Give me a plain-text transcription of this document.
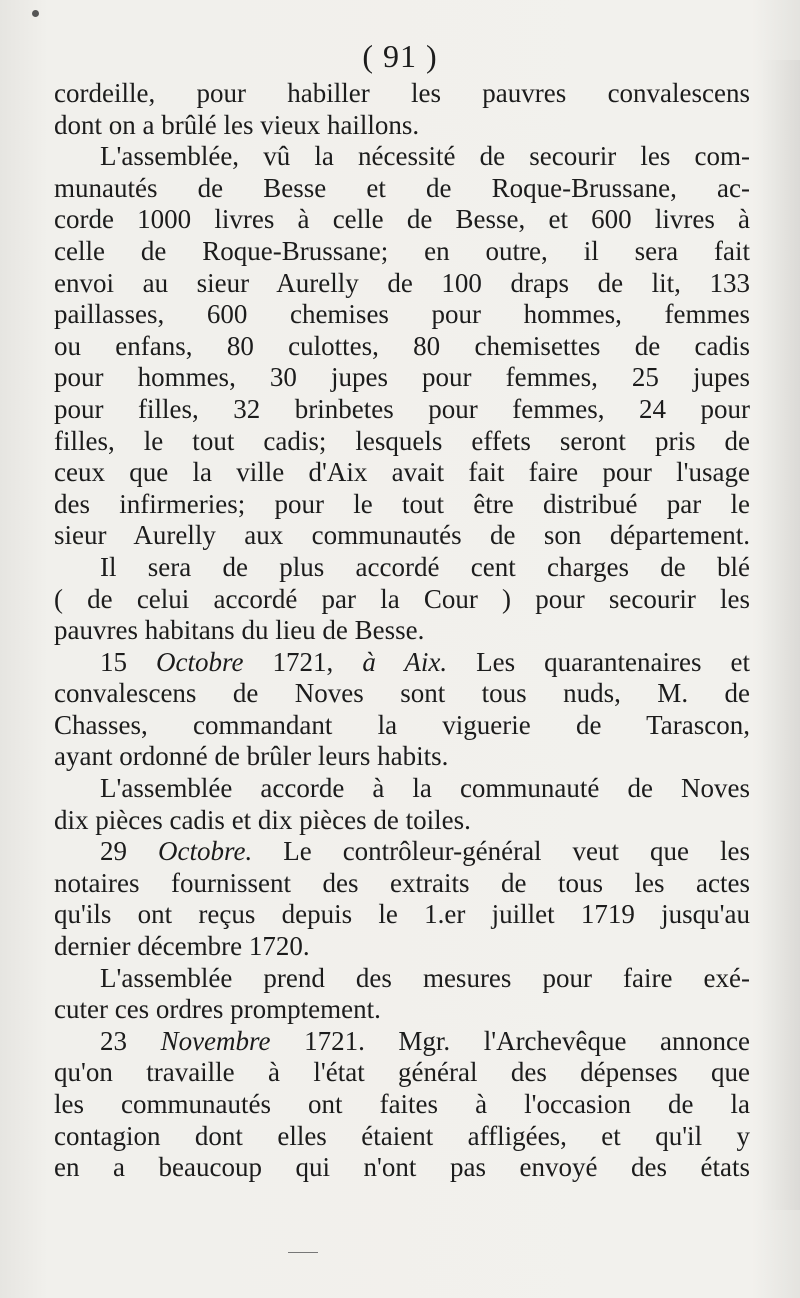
( 91 )
cordeille, pour habiller les pauvres convalescens
dont on a brûlé les vieux haillons.
L'assemblée, vû la nécessité de secourir les com-
munautés de Besse et de Roque-Brussane, ac-
corde 1000 livres à celle de Besse, et 600 livres à
celle de Roque-Brussane; en outre, il sera fait
envoi au sieur Aurelly de 100 draps de lit, 133
paillasses, 600 chemises pour hommes, femmes
ou enfans, 80 culottes, 80 chemisettes de cadis
pour hommes, 30 jupes pour femmes, 25 jupes
pour filles, 32 brinbetes pour femmes, 24 pour
filles, le tout cadis; lesquels effets seront pris de
ceux que la ville d'Aix avait fait faire pour l'usage
des infirmeries; pour le tout être distribué par le
sieur Aurelly aux communautés de son département.
Il sera de plus accordé cent charges de blé
( de celui accordé par la Cour ) pour secourir les
pauvres habitans du lieu de Besse.
15 Octobre 1721, à Aix. Les quarantenaires et
convalescens de Noves sont tous nuds, M. de
Chasses, commandant la viguerie de Tarascon,
ayant ordonné de brûler leurs habits.
L'assemblée accorde à la communauté de Noves
dix pièces cadis et dix pièces de toiles.
29 Octobre. Le contrôleur-général veut que les
notaires fournissent des extraits de tous les actes
qu'ils ont reçus depuis le 1.er juillet 1719 jusqu'au
dernier décembre 1720.
L'assemblée prend des mesures pour faire exé-
cuter ces ordres promptement.
23 Novembre 1721. Mgr. l'Archevêque annonce
qu'on travaille à l'état général des dépenses que
les communautés ont faites à l'occasion de la
contagion dont elles étaient affligées, et qu'il y
en a beaucoup qui n'ont pas envoyé des états
